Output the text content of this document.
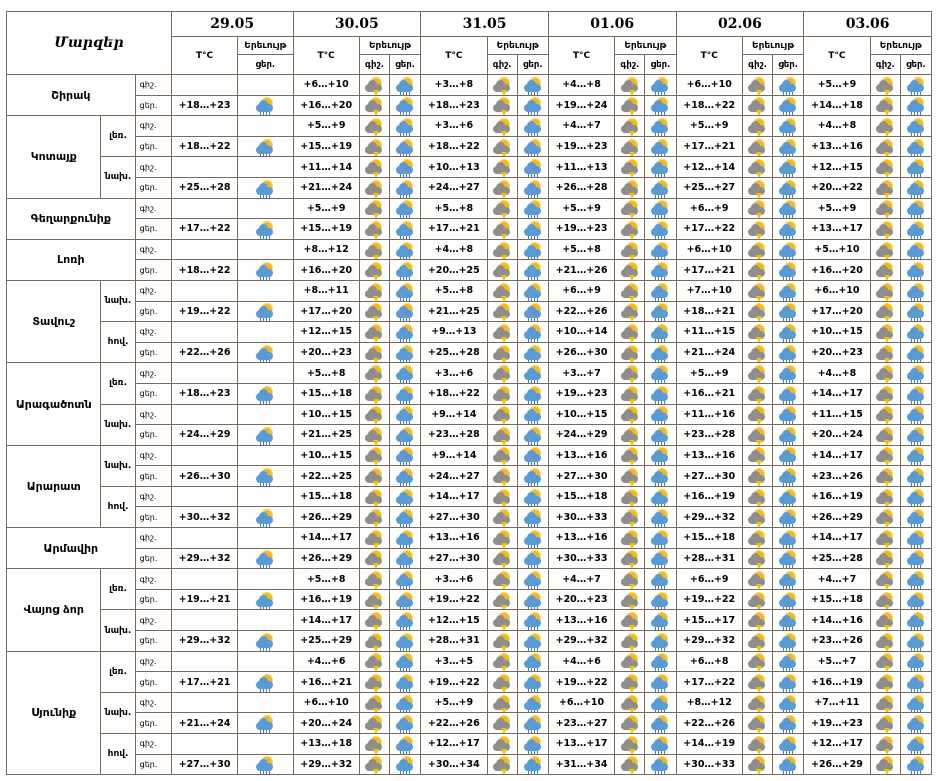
Մարզեր			29.05		30.05			31.05			01.06			02.06			03.06		
			T°C	Երեւույթ	T°C	Երեւույթ		T°C	Երեւույթ		T°C	Երեւույթ		T°C	Երեւույթ		T°C	Երեւույթ	
				ցեր.		գիշ.	ցեր.		գիշ.	ցեր.		գիշ.	ցեր.		գիշ.	ցեր.		գիշ.	ցեր.
Շիրակ		գիշ.			+6…+10			+3…+8			+4…+8			+6…+10			+5…+9	

		ցեր.	+18…+23		+16…+20			+18…+23			+19…+24			+18…+22			+14…+18	

Կոտայք	լեռ.	գիշ.			+5…+9			+3…+6			+4…+7			+5…+9			+4…+8	

		ցեր.	+18…+22		+15…+19			+18…+22			+19…+23			+17…+21			+13…+16	

	նախ.	գիշ.			+11…+14			+10…+13			+11…+13			+12…+14			+12…+15	

		ցեր.	+25…+28		+21…+24			+24…+27			+26…+28			+25…+27			+20…+22	

Գեղարքունիք		գիշ.			+5…+9			+5…+8			+5…+9			+6…+9			+5…+9	

		ցեր.	+17…+22		+15…+19			+17…+21			+19…+23			+17…+22			+13…+17	

Լոռի		գիշ.			+8…+12			+4…+8			+5…+8			+6…+10			+5…+10	

		ցեր.	+18…+22		+16…+20			+20…+25			+21…+26			+17…+21			+16…+20	

Տավուշ	նախ.	գիշ.			+8…+11			+5…+8			+6…+9			+7…+10			+6…+10	

		ցեր.	+19…+22		+17…+20			+21…+25			+22…+26			+18…+21			+17…+20	

	հով.	գիշ.			+12…+15			+9…+13			+10…+14			+11…+15			+10…+15	

		ցեր.	+22…+26		+20…+23			+25…+28			+26…+30			+21…+24			+20…+23	

Արագածոտն	լեռ.	գիշ.			+5…+8			+3…+6			+3…+7			+5…+9			+4…+8	

		ցեր.	+18…+23		+15…+18			+18…+22			+19…+23			+16…+21			+14…+17	

	նախ.	գիշ.			+10…+15			+9…+14			+10…+15			+11…+16			+11…+15	

		ցեր.	+24…+29		+21…+25			+23…+28			+24…+29			+23…+28			+20…+24	

Արարատ	նախ.	գիշ.			+10…+15			+9…+14			+13…+16			+13…+16			+14…+17	

		ցեր.	+26…+30		+22…+25			+24…+27			+27…+30			+27…+30			+23…+26	

	հով.	գիշ.			+15…+18			+14…+17			+15…+18			+16…+19			+16…+19	

		ցեր.	+30…+32		+26…+29			+27…+30			+30…+33			+29…+32			+26…+29	

Արմավիր		գիշ.			+14…+17			+13…+16			+13…+16			+15…+18			+14…+17	

		ցեր.	+29…+32		+26…+29			+27…+30			+30…+33			+28…+31			+25…+28	

Վայոց ձոր	լեռ.	գիշ.			+5…+8			+3…+6			+4…+7			+6…+9			+4…+7	

		ցեր.	+19…+21		+16…+19			+19…+22			+20…+23			+19…+22			+15…+18	

	նախ.	գիշ.			+14…+17			+12…+15			+13…+16			+15…+17			+14…+16	

		ցեր.	+29…+32		+25…+29			+28…+31			+29…+32			+29…+32			+23…+26	

Սյունիք	լեռ.	գիշ.			+4…+6			+3…+5			+4…+6			+6…+8			+5…+7	

		ցեր.	+17…+21		+16…+21			+19…+22			+19…+22			+17…+22			+16…+19	

	նախ.	գիշ.			+6…+10			+5…+9			+6…+10			+8…+12			+7…+11	

		ցեր.	+21…+24		+20…+24			+22…+26			+23…+27			+22…+26			+19…+23	

	հով.	գիշ.			+13…+18			+12…+17			+13…+17			+14…+19			+12…+17	

		ցեր.	+27…+30		+29…+32			+30…+34			+31…+34			+30…+33			+26…+29	
